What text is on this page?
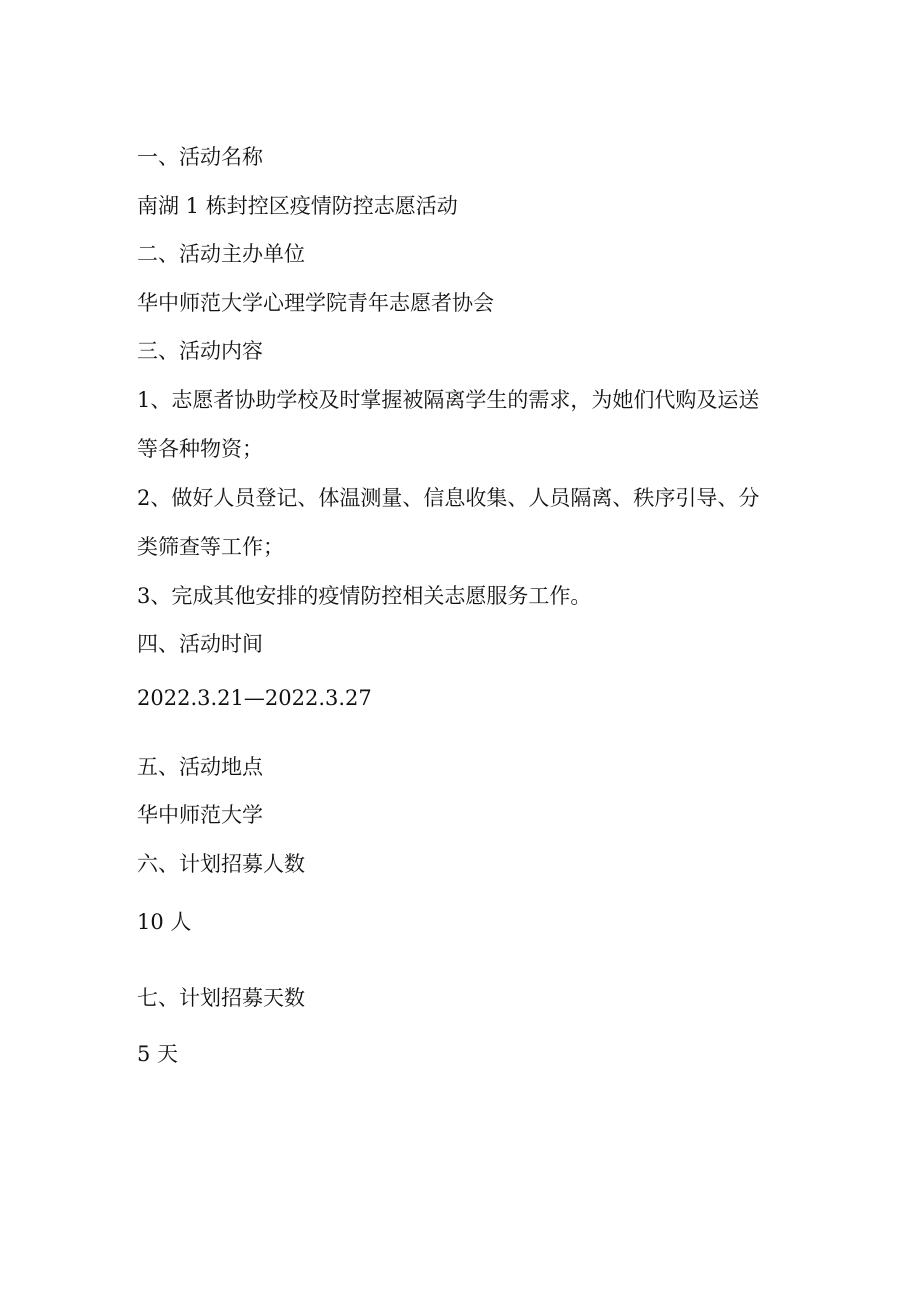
一、活动名称

南湖 1 栋封控区疫情防控志愿活动

二、活动主办单位

华中师范大学心理学院青年志愿者协会

三、活动内容

1、志愿者协助学校及时掌握被隔离学生的需求，为她们代购及运送

等各种物资；

2、做好人员登记、体温测量、信息收集、人员隔离、秩序引导、分

类筛查等工作；

3、完成其他安排的疫情防控相关志愿服务工作。

四、活动时间

2022.3.21—2022.3.27

五、活动地点

华中师范大学

六、计划招募人数

10 人

七、计划招募天数

5 天
